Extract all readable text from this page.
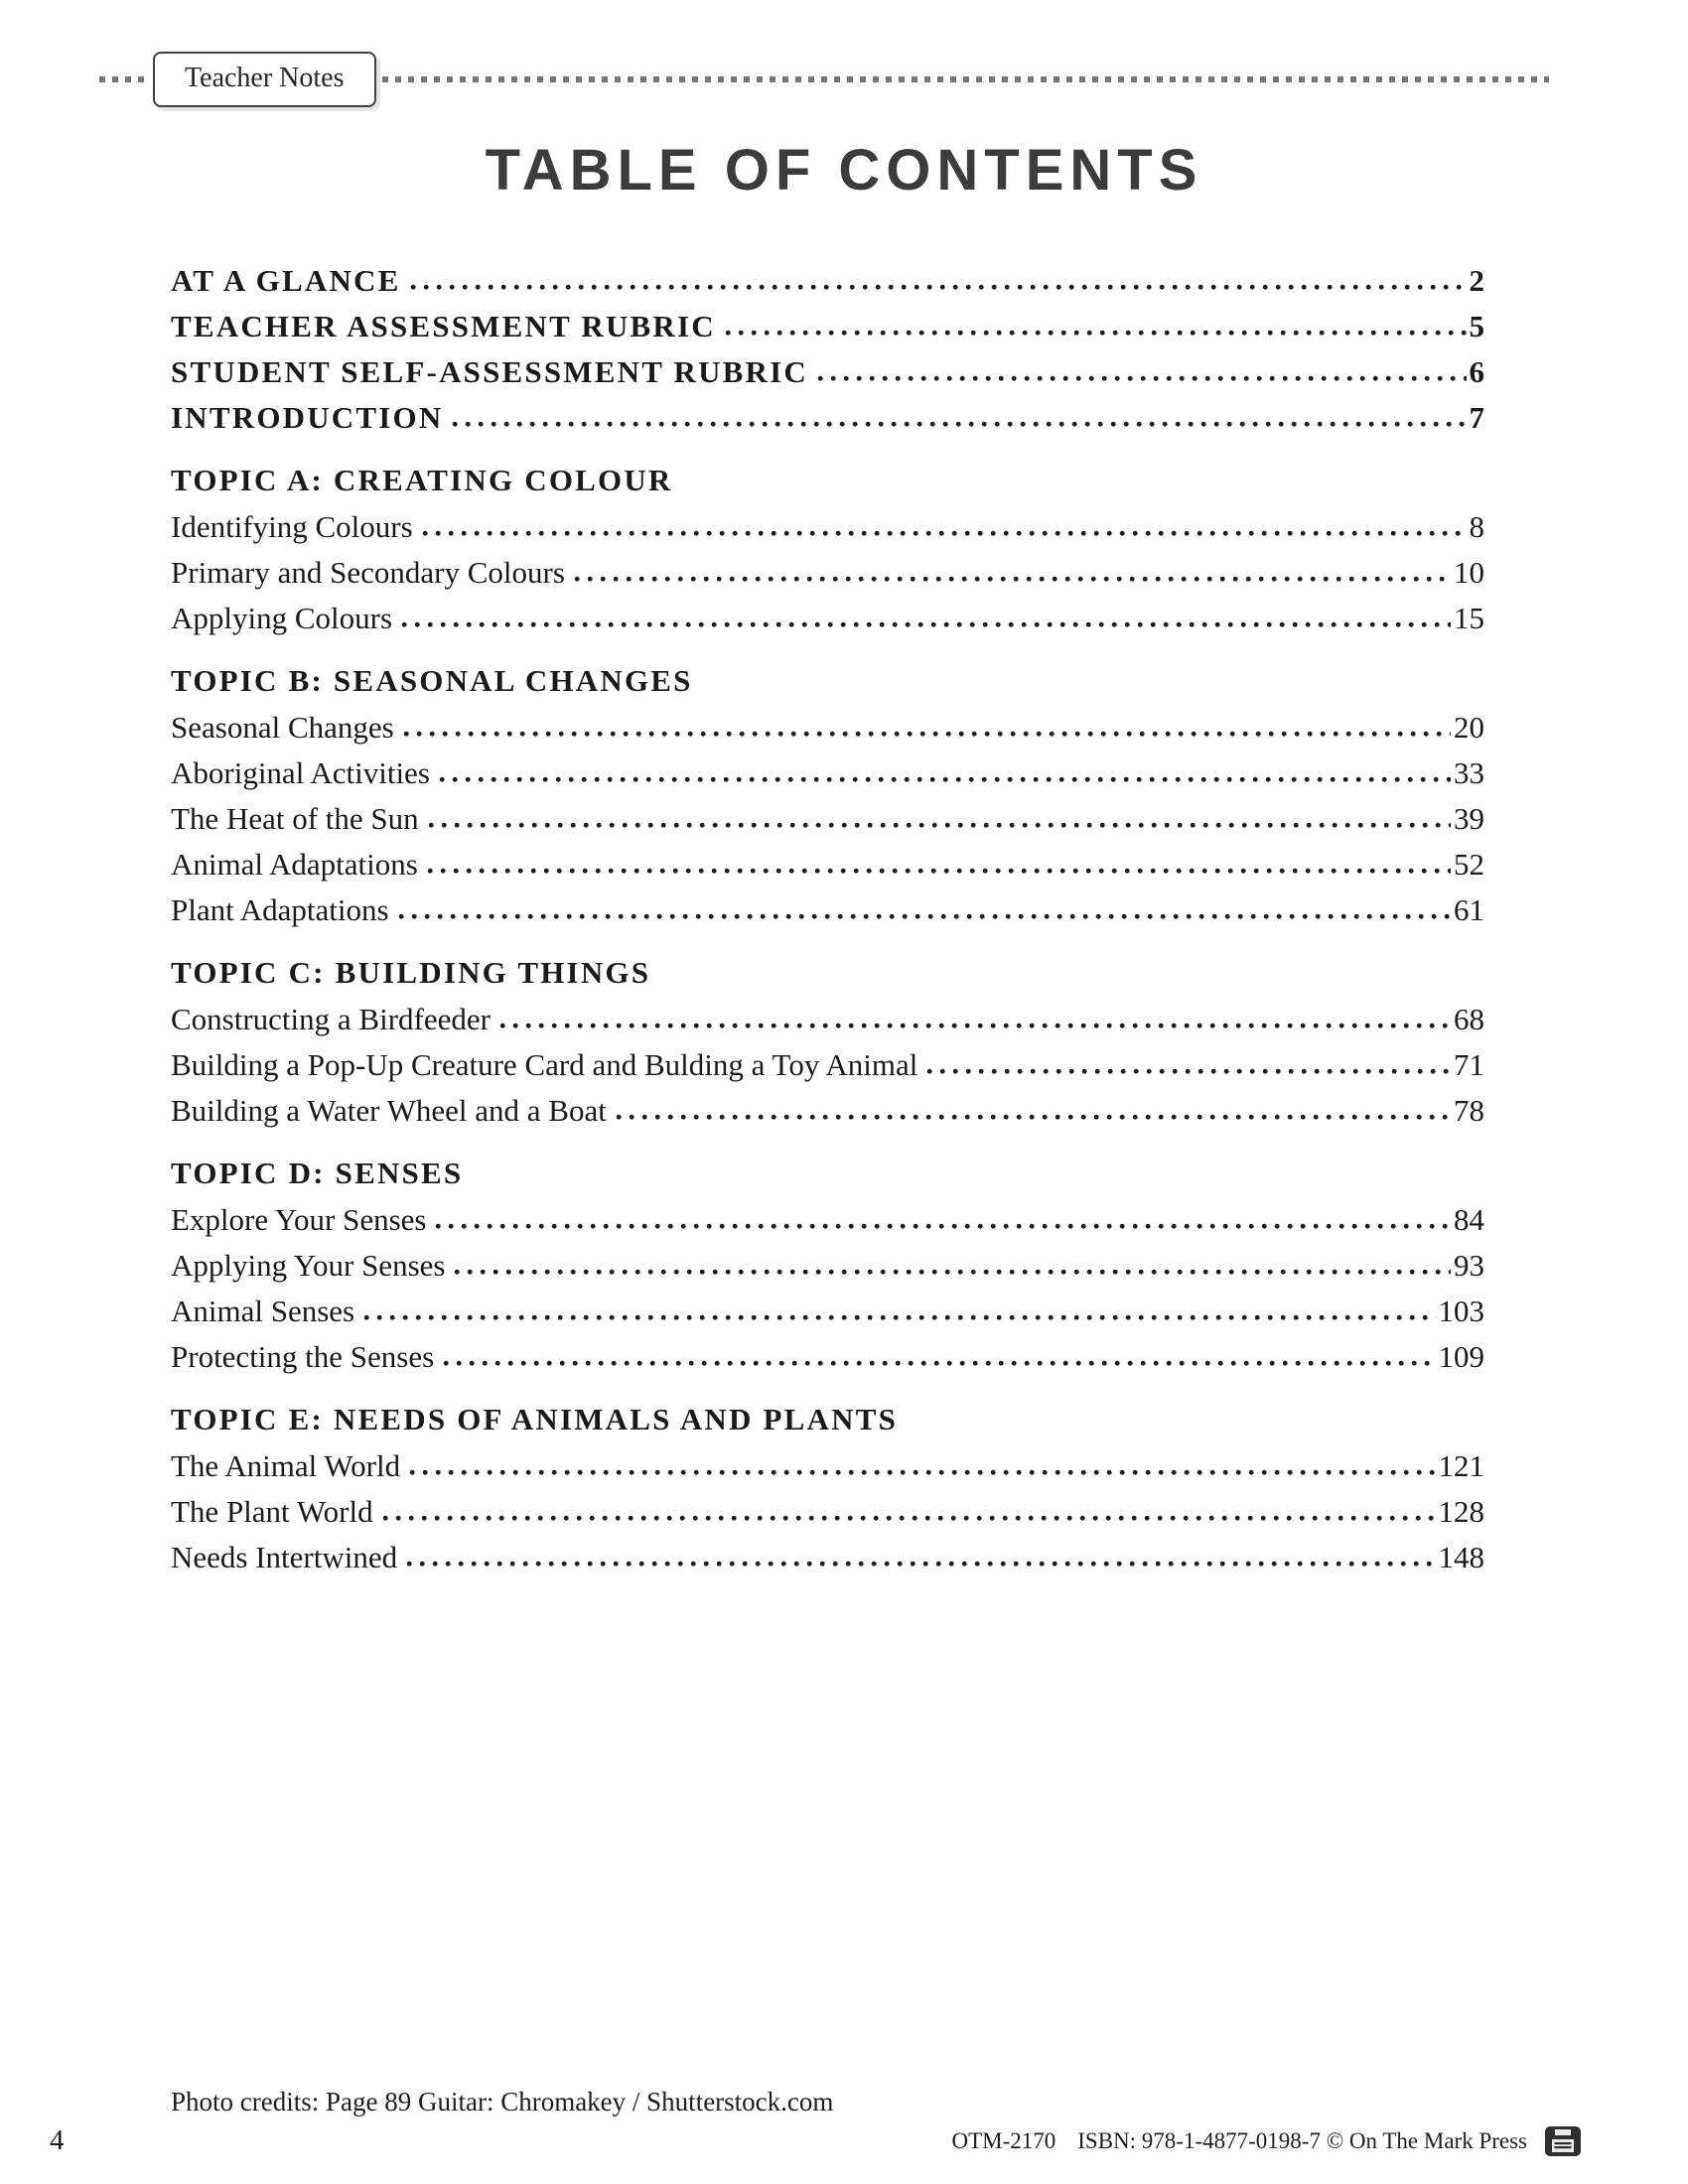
Teacher Notes
TABLE OF CONTENTS
AT A GLANCE	2
TEACHER ASSESSMENT RUBRIC	5
STUDENT SELF-ASSESSMENT RUBRIC	6
INTRODUCTION	7
TOPIC A: CREATING COLOUR
Identifying Colours	8
Primary and Secondary Colours	10
Applying Colours	15
TOPIC B: SEASONAL CHANGES
Seasonal Changes	20
Aboriginal Activities	33
The Heat of the Sun	39
Animal Adaptations	52
Plant Adaptations	61
TOPIC C: BUILDING THINGS
Constructing a Birdfeeder	68
Building a Pop-Up Creature Card and Bulding a Toy Animal	71
Building a Water Wheel and a Boat	78
TOPIC D: SENSES
Explore Your Senses	84
Applying Your Senses	93
Animal Senses	103
Protecting the Senses	109
TOPIC E: NEEDS OF ANIMALS AND PLANTS
The Animal World	121
The Plant World	128
Needs Intertwined	148
Photo credits: Page 89 Guitar: Chromakey / Shutterstock.com
4	OTM-2170 ISBN: 978-1-4877-0198-7 © On The Mark Press
